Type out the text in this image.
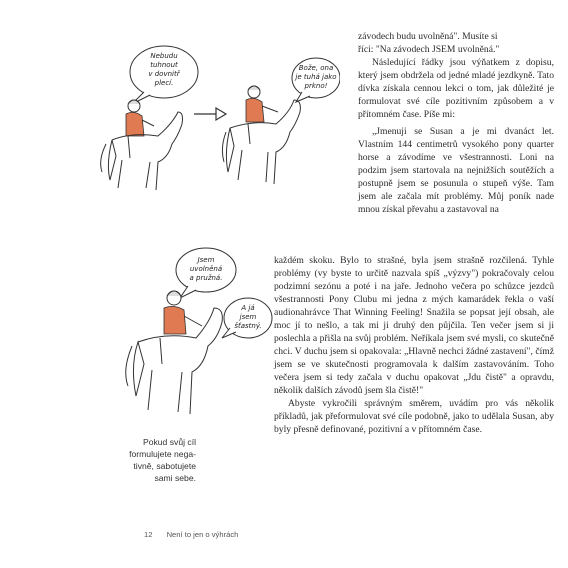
Nebudu
tuhnout
v dovnitř
plecí.
Bože, ona
je tuhá jako
prkno!
Jsem
uvolněná
a pružná.
A já
jsem
šťastný.
Pokud svůj cíl
formulujete nega-
tivně, sabotujete
sami sebe.
závodech budu uvolněná". Musíte si
říci: "Na závodech JSEM uvolněná."

Následující řádky jsou výňatkem z dopisu, který jsem obdržela od jedné mladé jezdkyně. Tato dívka získala cennou lekci o tom, jak důležité je formulovat své cíle pozitivním způsobem a v přítomném čase. Píše mi:

„Jmenuji se Susan a je mi dvanáct let. Vlastním 144 centimetrů vysokého pony quarter horse a závodíme ve všestrannosti. Loni na podzim jsem startovala na nejnižších soutěžích a postupně jsem se posunula o stupeň výše. Tam jsem ale začala mít problémy. Můj poník nade mnou získal převahu a zastavoval na

každém skoku. Bylo to strašné, byla jsem strašně rozčilená. Tyhle problémy (vy byste to určitě nazvala spíš „výzvy") pokračovaly celou podzimní sezónu a poté i na jaře. Jednoho večera po schůzce jezdců všestrannosti Pony Clubu mi jedna z mých kamarádek řekla o vaší audionahrávce That Winning Feeling! Snažila se popsat její obsah, ale moc jí to nešlo, a tak mi ji druhý den půjčila. Ten večer jsem si ji poslechla a přišla na svůj problém. Neříkala jsem své mysli, co skutečně chci. V duchu jsem si opakovala: „Hlavně nechci žádné zastavení", čímž jsem se ve skutečnosti programovala k dalším zastavováním. Toho večera jsem si tedy začala v duchu opakovat „Jdu čistě" a opravdu, několik dalších závodů jsem šla čistě!"

Abyste vykročili správným směrem, uvádím pro vás několik příkladů, jak přeformulovat své cíle podobně, jako to udělala Susan, aby byly přesně definované, pozitivní a v přítomném čase.

12 Není to jen o výhrách
